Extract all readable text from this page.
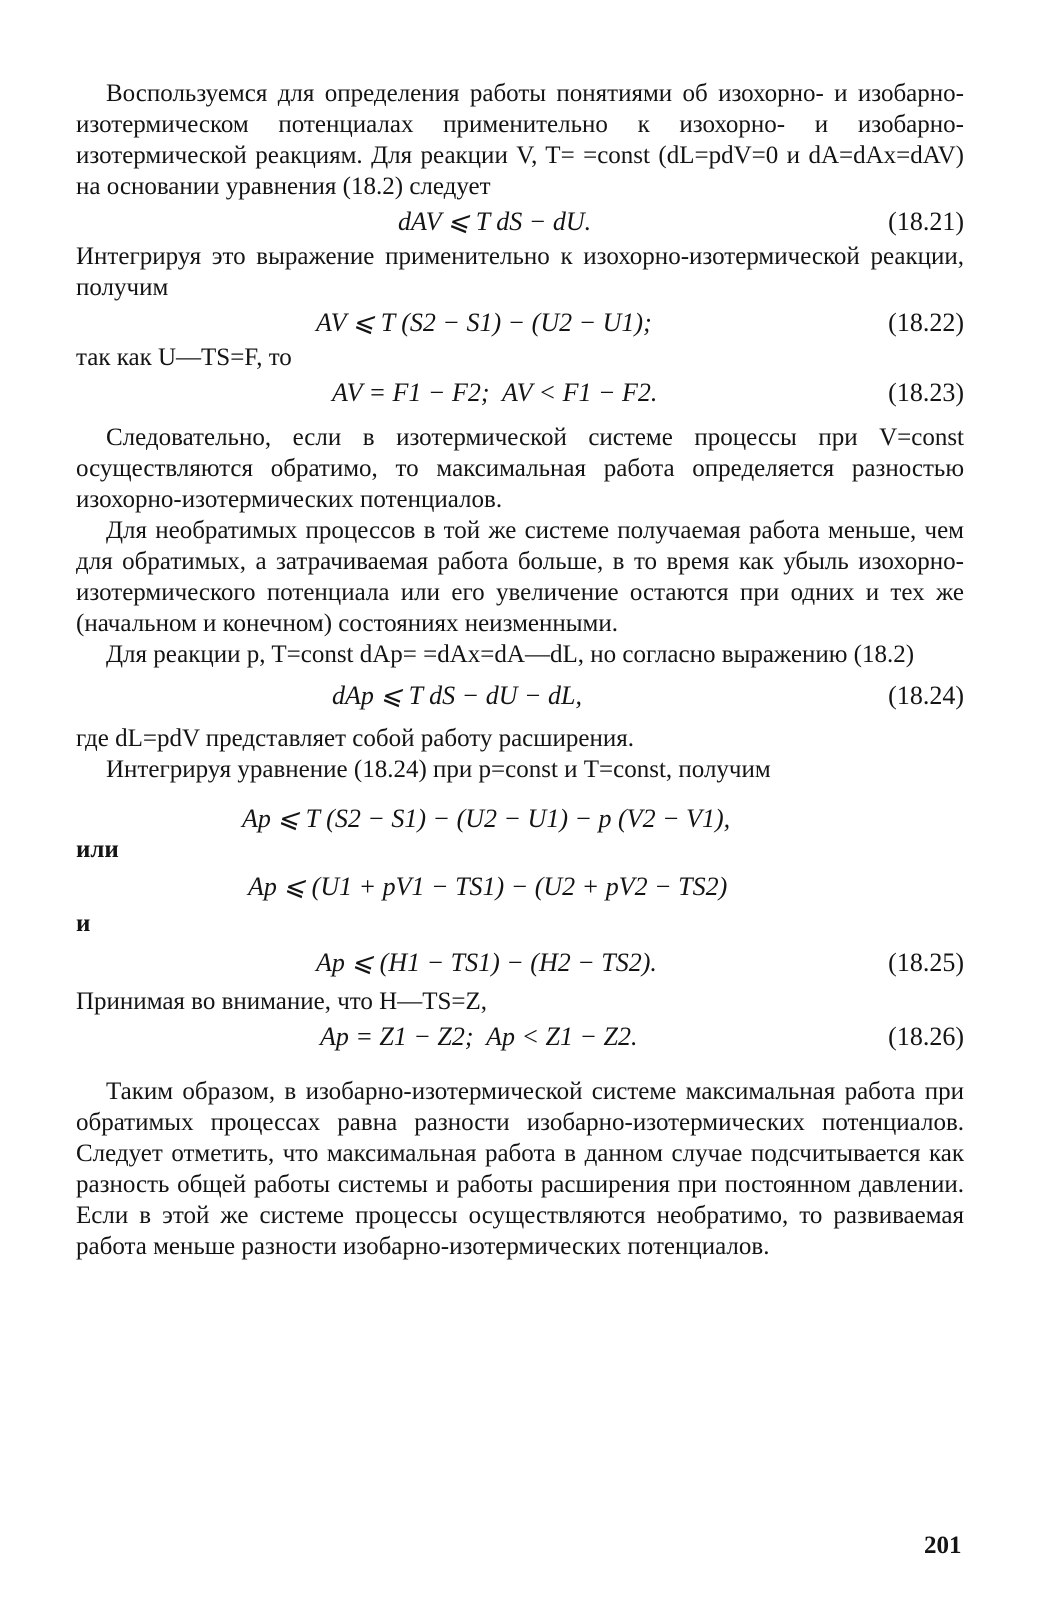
Воспользуемся для определения работы понятиями об изохорно- и изобарно-изотермическом потенциалах применительно к изохорно- и изобарно-изотермической реакциям. Для реакции V, T= =const (dL=pdV=0 и dA=dAx=dAV) на основании уравнения (18.2) следует

dAV ⩽ T dS − dU.	(18.21)

Интегрируя это выражение применительно к изохорно-изотермической реакции, получим

AV ⩽ T (S2 − S1) − (U2 − U1);	(18.22)

так как U—TS=F, то

AV = F1 − F2;  AV < F1 − F2.	(18.23)

Следовательно, если в изотермической системе процессы при V=const осуществляются обратимо, то максимальная работа определяется разностью изохорно-изотермических потенциалов.

Для необратимых процессов в той же системе получаемая работа меньше, чем для обратимых, а затрачиваемая работа больше, в то время как убыль изохорно-изотермического потенциала или его увеличение остаются при одних и тех же (начальном и конечном) состояниях неизменными.

Для реакции p, T=const dAp= =dAx=dA—dL, но согласно выражению (18.2)

dAp ⩽ T dS − dU − dL,	(18.24)

где dL=pdV представляет собой работу расширения.

Интегрируя уравнение (18.24) при p=const и T=const, получим

Ap ⩽ T (S2 − S1) − (U2 − U1) − p (V2 − V1),

или

Ap ⩽ (U1 + pV1 − TS1) − (U2 + pV2 − TS2)

и

Ap ⩽ (H1 − TS1) − (H2 − TS2).	(18.25)

Принимая во внимание, что H—TS=Z,

Ap = Z1 − Z2;  Ap < Z1 − Z2.	(18.26)

Таким образом, в изобарно-изотермической системе максимальная работа при обратимых процессах равна разности изобарно-изотермических потенциалов. Следует отметить, что максимальная работа в данном случае подсчитывается как разность общей работы системы и работы расширения при постоянном давлении. Если в этой же системе процессы осуществляются необратимо, то развиваемая работа меньше разности изобарно-изотермических потенциалов.

201
